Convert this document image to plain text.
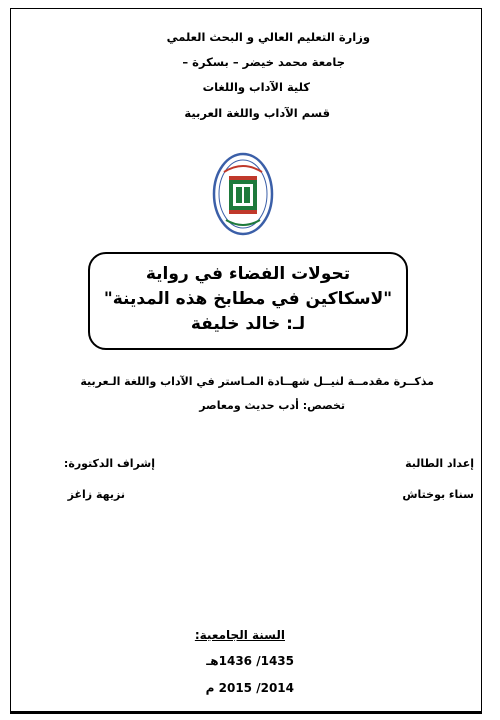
وزارة التعليم العالي و البحث العلمي
جامعة محمد خيضر – بسكرة –
كلية الآداب واللغات
قسم الآداب واللغة العربية
تحولات الفضاء في رواية
"لاسكاكين في مطابخ هذه المدينة"
لـ: خالد خليفة
مذكــرة مقدمــة لنيــل شهــادة المـاستر في الآداب واللغة الـعربية
تخصص: أدب حديث ومعاصر
إعداد الطالبة
سناء بوختاش
إشراف الدكتورة:
نزيهة زاغز
السنة الجامعية:
1435/ 1436هـ
2014/ 2015 م
